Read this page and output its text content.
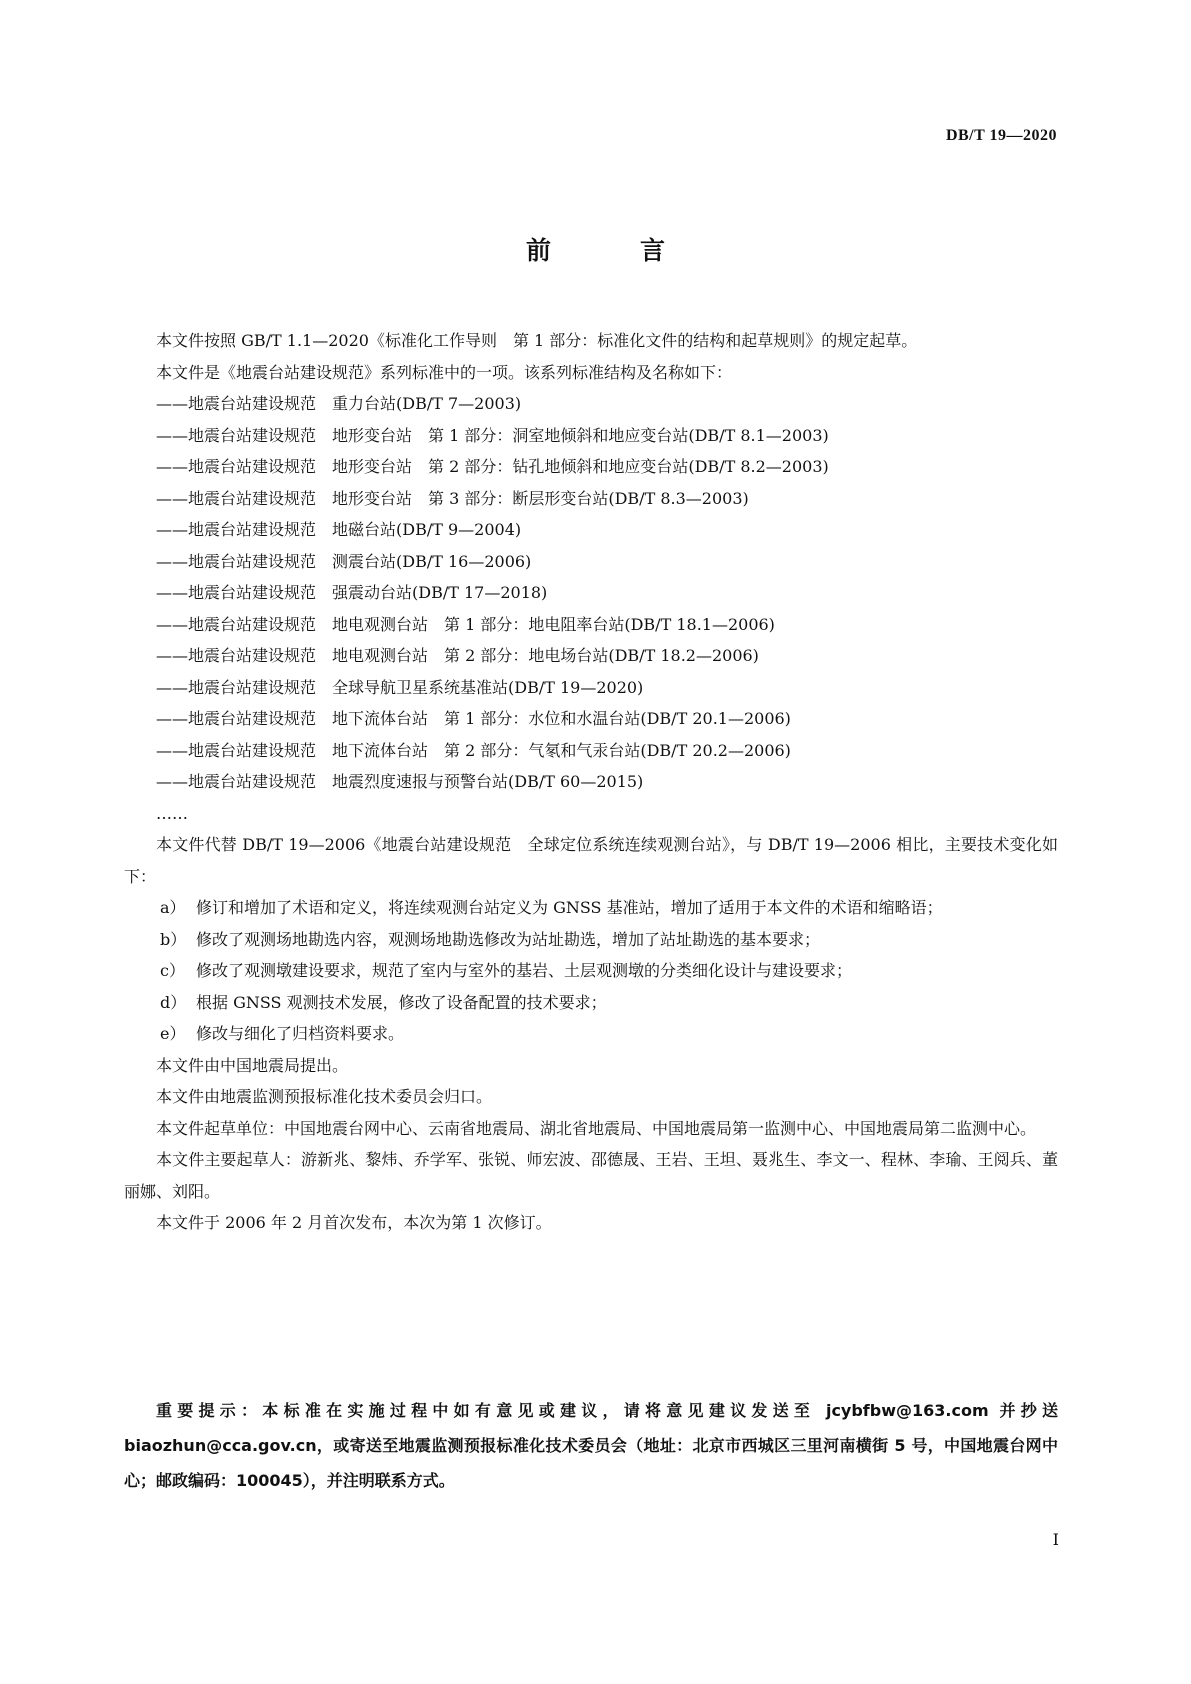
DB/T 19—2020
前　言

本文件按照 GB/T 1.1—2020《标准化工作导则　第 1 部分：标准化文件的结构和起草规则》的规定起草。

本文件是《地震台站建设规范》系列标准中的一项。该系列标准结构及名称如下：

——地震台站建设规范　重力台站(DB/T 7—2003)

——地震台站建设规范　地形变台站　第 1 部分：洞室地倾斜和地应变台站(DB/T 8.1—2003)

——地震台站建设规范　地形变台站　第 2 部分：钻孔地倾斜和地应变台站(DB/T 8.2—2003)

——地震台站建设规范　地形变台站　第 3 部分：断层形变台站(DB/T 8.3—2003)

——地震台站建设规范　地磁台站(DB/T 9—2004)

——地震台站建设规范　测震台站(DB/T 16—2006)

——地震台站建设规范　强震动台站(DB/T 17—2018)

——地震台站建设规范　地电观测台站　第 1 部分：地电阻率台站(DB/T 18.1—2006)

——地震台站建设规范　地电观测台站　第 2 部分：地电场台站(DB/T 18.2—2006)

——地震台站建设规范　全球导航卫星系统基准站(DB/T 19—2020)

——地震台站建设规范　地下流体台站　第 1 部分：水位和水温台站(DB/T 20.1—2006)

——地震台站建设规范　地下流体台站　第 2 部分：气氡和气汞台站(DB/T 20.2—2006)

——地震台站建设规范　地震烈度速报与预警台站(DB/T 60—2015)

……

本文件代替 DB/T 19—2006《地震台站建设规范　全球定位系统连续观测台站》，与 DB/T 19—2006 相比，主要技术变化如下：

a） 修订和增加了术语和定义，将连续观测台站定义为 GNSS 基准站，增加了适用于本文件的术语和缩略语；

b） 修改了观测场地勘选内容，观测场地勘选修改为站址勘选，增加了站址勘选的基本要求；

c） 修改了观测墩建设要求，规范了室内与室外的基岩、土层观测墩的分类细化设计与建设要求；

d） 根据 GNSS 观测技术发展，修改了设备配置的技术要求；

e） 修改与细化了归档资料要求。

本文件由中国地震局提出。

本文件由地震监测预报标准化技术委员会归口。

本文件起草单位：中国地震台网中心、云南省地震局、湖北省地震局、中国地震局第一监测中心、中国地震局第二监测中心。

本文件主要起草人：游新兆、黎炜、乔学军、张锐、师宏波、邵德晟、王岩、王坦、聂兆生、李文一、程林、李瑜、王阅兵、董丽娜、刘阳。

本文件于 2006 年 2 月首次发布，本次为第 1 次修订。

重要提示：本标准在实施过程中如有意见或建议，请将意见建议发送至 jcybfbw@163.com 并抄送 biaozhun@cca.gov.cn，或寄送至地震监测预报标准化技术委员会（地址：北京市西城区三里河南横街 5 号，中国地震台网中心；邮政编码：100045），并注明联系方式。
I
